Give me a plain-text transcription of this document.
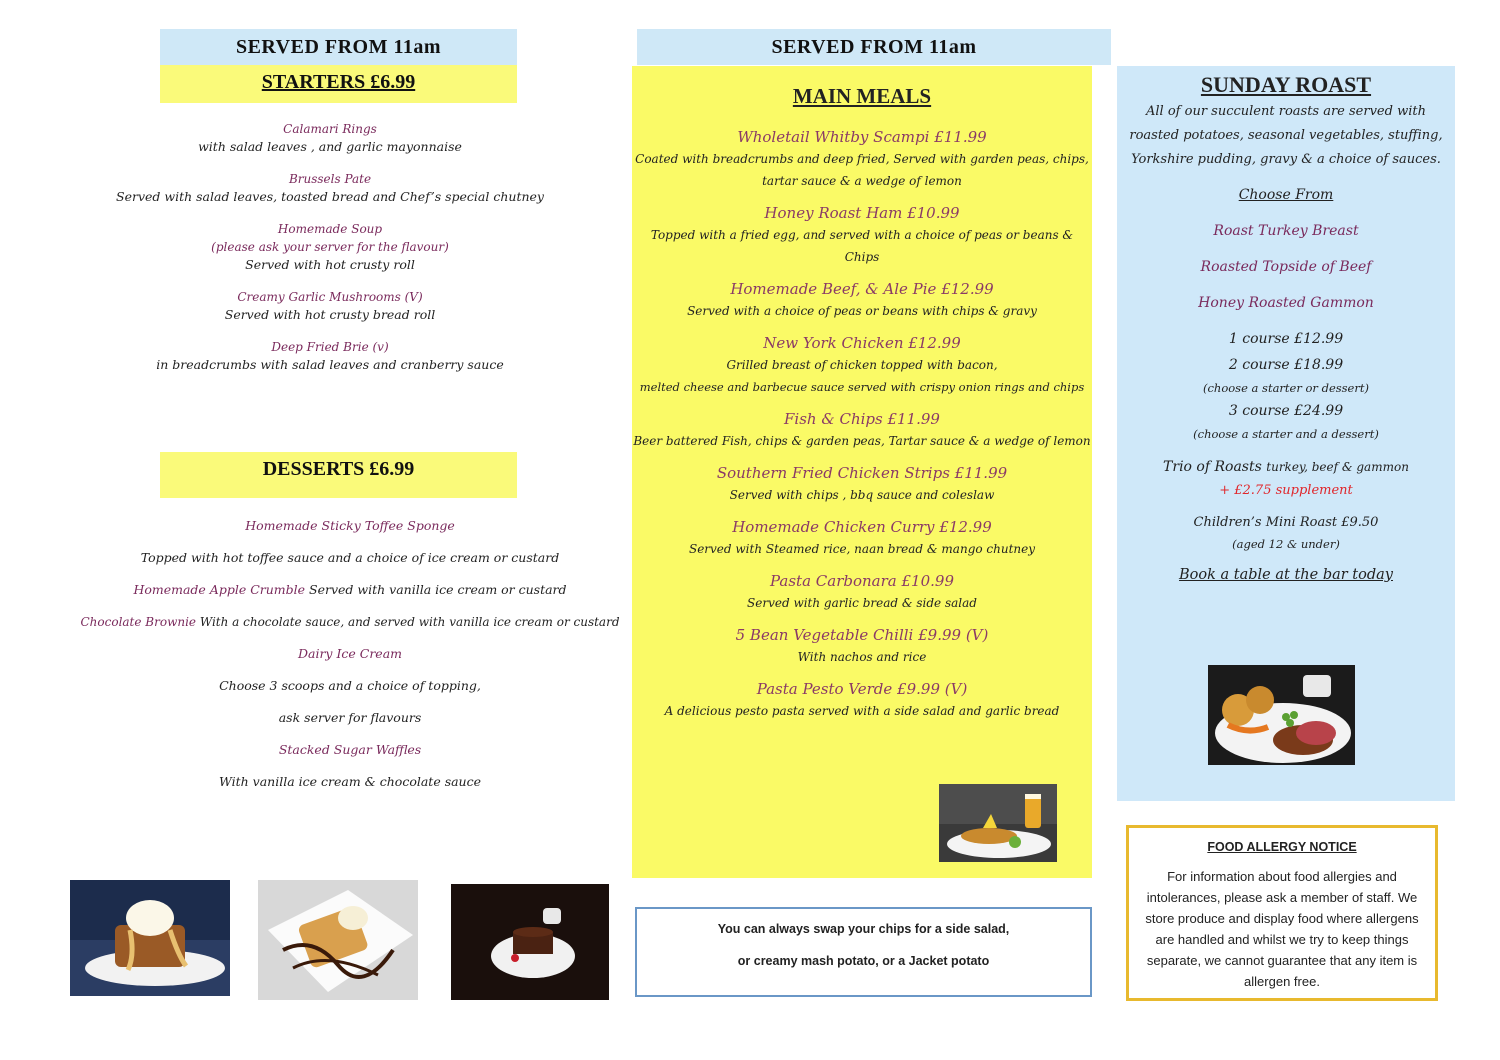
SERVED FROM 11am
STARTERS £6.99
Calamari Rings
with salad leaves , and garlic mayonnaise
Brussels Pate
Served with salad leaves, toasted bread and Chef’s special chutney
Homemade Soup
(please ask your server for the flavour)
Served with hot crusty roll
Creamy Garlic Mushrooms (V)
Served with hot crusty bread roll
Deep Fried Brie (v)
in breadcrumbs with salad leaves and cranberry sauce
DESSERTS £6.99
Homemade Sticky Toffee Sponge
Topped with hot toffee sauce and a choice of ice cream or custard
Homemade Apple Crumble Served with vanilla ice cream or custard
Chocolate Brownie With a chocolate sauce, and served with vanilla ice cream or custard
Dairy Ice Cream
Choose 3 scoops and a choice of topping,
ask server for flavours
Stacked Sugar Waffles
With vanilla ice cream & chocolate sauce
SERVED FROM 11am
MAIN MEALS
Wholetail Whitby Scampi £11.99
Coated with breadcrumbs and deep fried, Served with garden peas, chips,
tartar sauce & a wedge of lemon
Honey Roast Ham £10.99
Topped with a fried egg, and served with a choice of peas or beans & Chips
Homemade Beef, & Ale Pie £12.99
Served with a choice of peas or beans with chips & gravy
New York Chicken £12.99
Grilled breast of chicken topped with bacon,
melted cheese and barbecue sauce served with crispy onion rings and chips
Fish & Chips £11.99
Beer battered Fish, chips & garden peas, Tartar sauce & a wedge of lemon
Southern Fried Chicken Strips £11.99
Served with chips , bbq sauce and coleslaw
Homemade Chicken Curry £12.99
Served with Steamed rice, naan bread & mango chutney
Pasta Carbonara £10.99
Served with garlic bread & side salad
5 Bean Vegetable Chilli £9.99 (V)
With nachos and rice
Pasta Pesto Verde £9.99 (V)
A delicious pesto pasta served with a side salad and garlic bread
You can always swap your chips for a side salad,
or creamy mash potato, or a Jacket potato
SUNDAY ROAST
All of our succulent roasts are served with
roasted potatoes, seasonal vegetables, stuffing,
Yorkshire pudding, gravy & a choice of sauces.
Choose From
Roast Turkey Breast
Roasted Topside of Beef
Honey Roasted Gammon
1 course £12.99
2 course £18.99
(choose a starter or dessert)
3 course £24.99
(choose a starter and a dessert)
Trio of Roasts turkey, beef & gammon
+ £2.75 supplement
Children’s Mini Roast £9.50
(aged 12 & under)
Book a table at the bar today
FOOD ALLERGY NOTICE
For information about food allergies and intolerances, please ask a member of staff. We store produce and display food where allergens are handled and whilst we try to keep things separate, we cannot guarantee that any item is allergen free.
